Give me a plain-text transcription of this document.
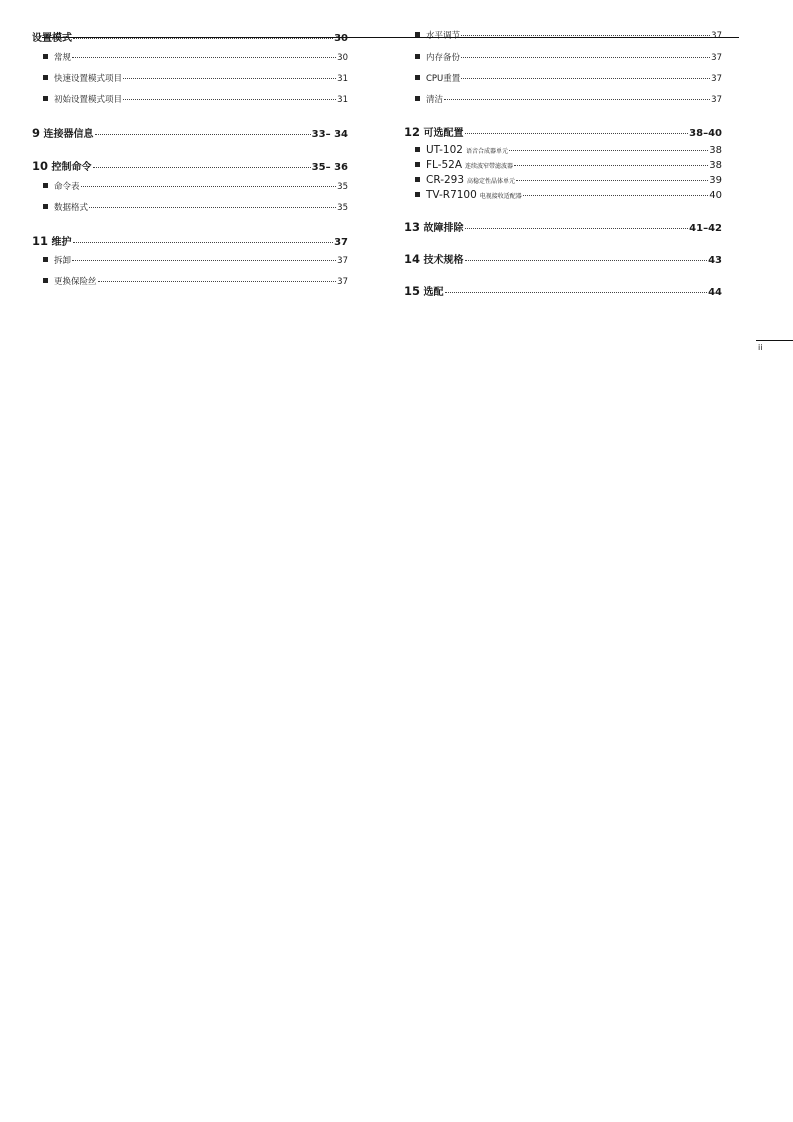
设置模式	30
常规	30
快速设置模式项目	31
初始设置模式项目	31
9 连接器信息	33– 34
10 控制命令	35– 36
命令表	35
数据格式	35
11 维护	37
拆卸	37
更换保险丝	37
水平调节	37
内存备份	37
CPU重置	37
清洁	37
12 可选配置	38–40
UT-102 语音合成器单元	38
FL-52A 连续波窄带滤波器	38
CR-293 高稳定性晶体单元	39
TV-R7100 电视接收适配器	40
13 故障排除	41–42
14 技术规格	43
15 选配	44
ii
